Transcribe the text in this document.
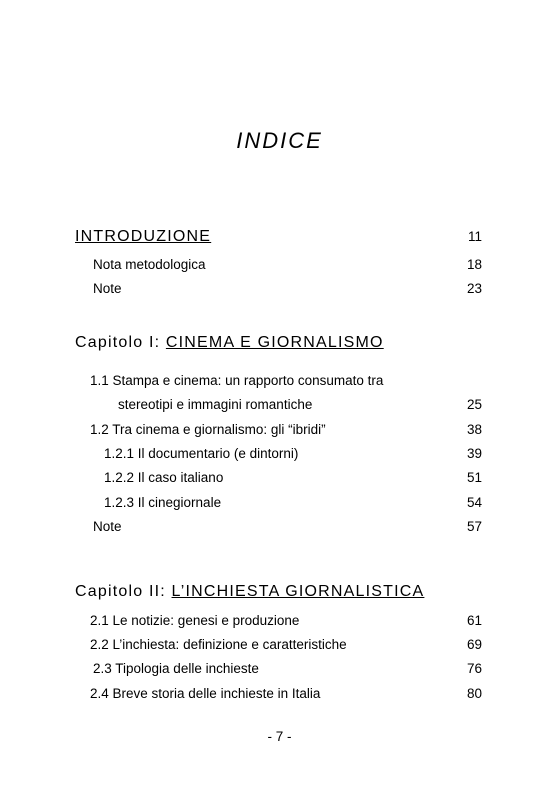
INDICE
INTRODUZIONE	11
Nota metodologica	18
Note	23
Capitolo I: CINEMA E GIORNALISMO
1.1 Stampa e cinema: un rapporto consumato tra
stereotipi e immagini romantiche	25
1.2 Tra cinema e giornalismo: gli “ibridi”	38
1.2.1 Il documentario (e dintorni)	39
1.2.2 Il caso italiano	51
1.2.3 Il cinegiornale	54
Note	57
Capitolo II: L’INCHIESTA GIORNALISTICA
2.1 Le notizie: genesi e produzione	61
2.2 L’inchiesta: definizione e caratteristiche	69
2.3 Tipologia delle inchieste	76
2.4 Breve storia delle inchieste in Italia	80
- 7 -
